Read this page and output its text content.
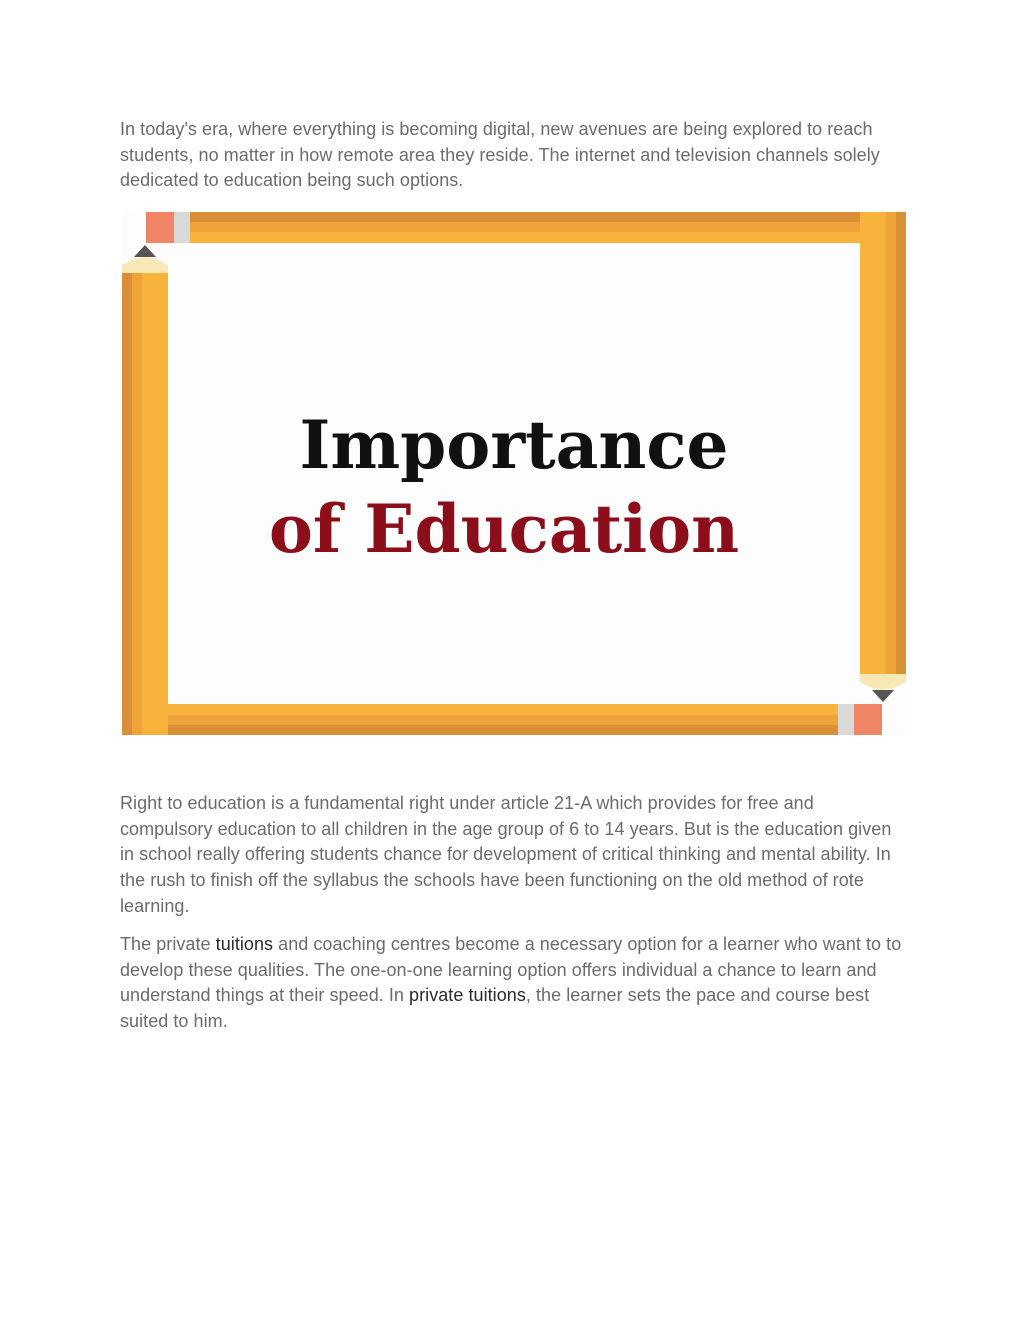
In today's era, where everything is becoming digital, new avenues are being explored to reach students, no matter in how remote area they reside. The internet and television channels solely dedicated to education being such options.

Right to education is a fundamental right under article 21-A which provides for free and compulsory education to all children in the age group of 6 to 14 years. But is the education given in school really offering students chance for development of critical thinking and mental ability. In the rush to finish off the syllabus the schools have been functioning on the old method of rote learning.

The private tuitions and coaching centres become a necessary option for a learner who want to to develop these qualities. The one-on-one learning option offers individual a chance to learn and understand things at their speed. In private tuitions, the learner sets the pace and course best suited to him.

Importance
of Education
